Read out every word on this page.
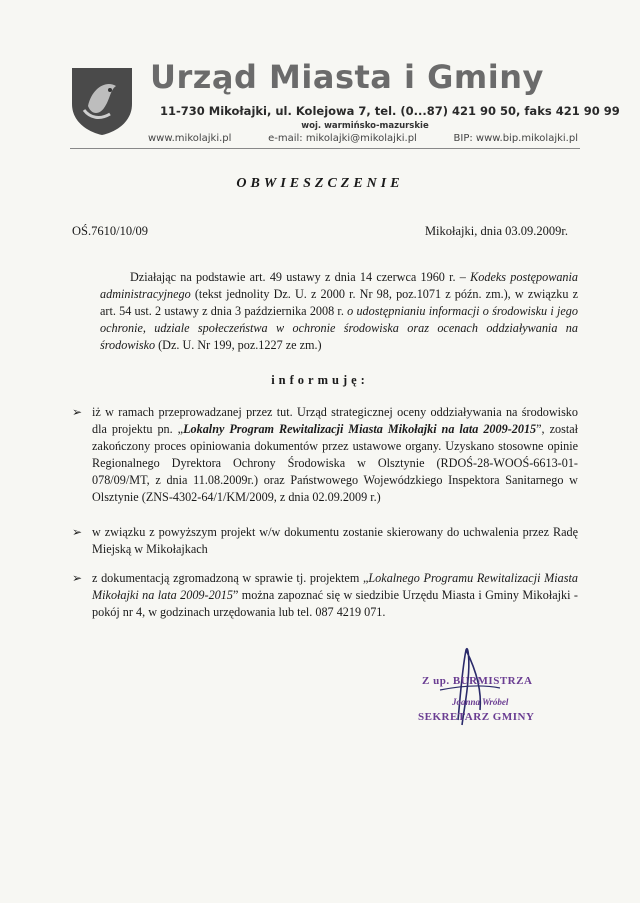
Urząd Miasta i Gminy
11-730 Mikołajki, ul. Kolejowa 7, tel. (0...87) 421 90 50, faks 421 90 99
woj. warmińsko-mazurskie
www.mikolajki.pl	e-mail: mikolajki@mikolajki.pl	BIP: www.bip.mikolajki.pl
OBWIESZCZENIE
OŚ.7610/10/09	Mikołajki, dnia 03.09.2009r.
Działając na podstawie art. 49 ustawy z dnia 14 czerwca 1960 r. – Kodeks postępowania administracyjnego (tekst jednolity Dz. U. z 2000 r. Nr 98, poz.1071 z późn. zm.), w związku z art. 54 ust. 2 ustawy z dnia 3 października 2008 r. o udostępnianiu informacji o środowisku i jego ochronie, udziale społeczeństwa w ochronie środowiska oraz ocenach oddziaływania na środowisko (Dz. U. Nr 199, poz.1227 ze zm.)
informuję:
➢ iż w ramach przeprowadzanej przez tut. Urząd strategicznej oceny oddziaływania na środowisko dla projektu pn. „Lokalny Program Rewitalizacji Miasta Mikołajki na lata 2009-2015”, został zakończony proces opiniowania dokumentów przez ustawowe organy. Uzyskano stosowne opinie Regionalnego Dyrektora Ochrony Środowiska w Olsztynie (RDOŚ-28-WOOŚ-6613-01-078/09/MT, z dnia 11.08.2009r.) oraz Państwowego Wojewódzkiego Inspektora Sanitarnego w Olsztynie (ZNS-4302-64/1/KM/2009, z dnia 02.09.2009 r.)
➢ w związku z powyższym projekt w/w dokumentu zostanie skierowany do uchwalenia przez Radę Miejską w Mikołajkach
➢ z dokumentacją zgromadzoną w sprawie tj. projektem „Lokalnego Programu Rewitalizacji Miasta Mikołajki na lata 2009-2015” można zapoznać się w siedzibie Urzędu Miasta i Gminy Mikołajki - pokój nr 4, w godzinach urzędowania lub tel. 087 4219 071.
Z up. BURMISTRZA
Joanna Wróbel
SEKRETARZ GMINY
